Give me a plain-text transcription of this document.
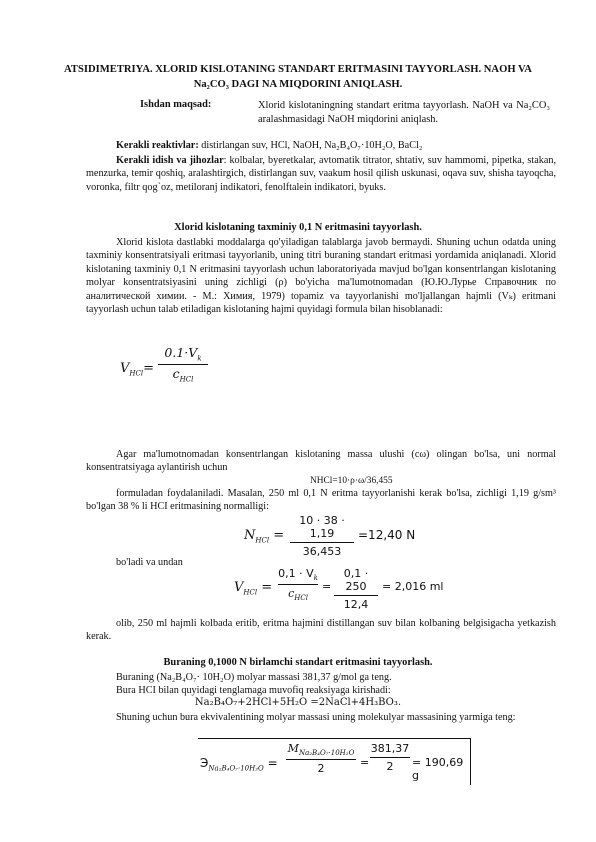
ATSIDIMETRIYA. XLORID KISLOTANING STANDART ERITMASINI TAYYORLASH. NAOH VA Na₂CO₃ DAGI NA MIQDORINI ANIQLASH.
Ishdan maqsad:	Xlorid kislotaningning standart eritma tayyorlash. NaOH va Na₂CO₃ aralashmasidagi NaOH miqdorini aniqlash.

Kerakli reaktivlar: distirlangan suv, HCl, NaOH, Na₂B₄O₇·10H₂O, BaCl₂

Kerakli idish va jihozlar: kolbalar, byeretkalar, avtomatik titrator, shtativ, suv hammomi, pipetka, stakan, menzurka, temir qoshiq, aralashtirgich, distirlangan suv, vaakum hosil qilish uskunasi, oqava suv, shisha tayoqcha, voronka, filtr qog`oz, metiloranj indikatori, fenolftalein indikatori, byuks.

Xlorid kislotaning taxminiy 0,1 N eritmasini tayyorlash.

Xlorid kislota dastlabki moddalarga qo'yiladigan talablarga javob bermaydi. Shuning uchun odatda uning taxminiy konsentratsiyali eritmasi tayyorlanib, uning titri buraning standart eritmasi yordamida aniqlanadi. Xlorid kislotaning taxminiy 0,1 N eritmasini tayyorlash uchun laboratoriyada mavjud bo'lgan konsentrlangan kislotaning molyar konsentratsiyasini uning zichligi (ρ) bo'yicha ma'lumotnomadan (Ю.Ю.Лурье Справочник по аналитической химии. - M.: Химия, 1979) topamiz va tayyorlanishi mo'ljallangan hajmli (Vₖ) eritmani tayyorlash uchun talab etiladigan kislotaning hajmi quyidagi formula bilan hisoblanadi:

$V_{HCl}=$
$0.1\cdot V_k$
$c_{HCl}$

Agar ma'lumotnomadan konsentrlangan kislotaning massa ulushi (cω) olingan bo'lsa, uni normal konsentratsiyaga aylantirish uchun

NHCl=10·ρ·ω/36,455

formuladan foydalaniladi. Masalan, 250 ml 0,1 N eritma tayyorlanishi kerak bo'lsa, zichligi 1,19 g/sm³ bo'lgan 38 % li HCI eritmasining normalligi:

$N_{HCl}$ =
10 · 38 · 1,19
36,453
=12,40 N
bo'ladi va undan
$V_{HCl}$ =
$0,1 \cdot V_k$
$c_{HCl}$
=
0,1 · 250
12,4
= 2,016 ml

olib, 250 ml hajmli kolbada eritib, eritma hajmini distillangan suv bilan kolbaning belgisigacha yetkazish kerak.

Buraning 0,1000 N birlamchi standart eritmasini tayyorlash.
Buraning (Na₂B₄O₇· 10H₂O) molyar massasi 381,37 g/mol ga teng.
Bura HCI bilan quyidagi tenglamaga muvofiq reaksiyaga kirishadi:
Na₂B₄O₇+2HCl+5H₂O =2NaCl+4H₃BO₃.

Shuning uchun bura ekvivalentining molyar massasi uning molekulyar massasining yarmiga teng:

$Э_{Na_2B_4O_7\cdot 10H_2O}$ =
$M_{Na_2B_4O_7\cdot 10H_2O}$
2	=
381,37
2	= 190,69 g
